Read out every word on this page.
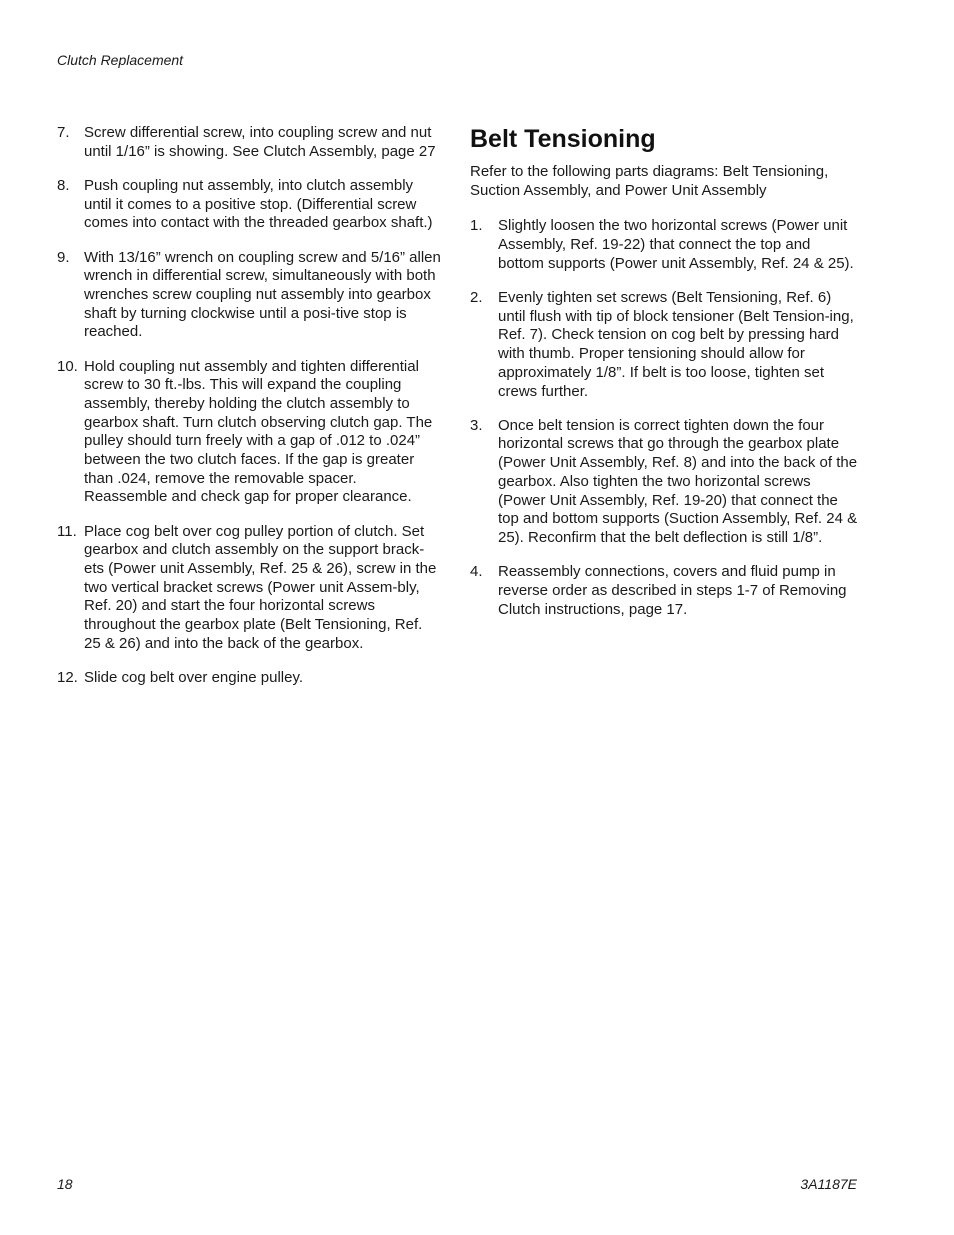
Clutch Replacement
7. Screw differential screw, into coupling screw and nut until 1/16” is showing. See Clutch Assembly, page 27
8. Push coupling nut assembly, into clutch assembly until it comes to a positive stop. (Differential screw comes into contact with the threaded gearbox shaft.)
9. With 13/16” wrench on coupling screw and 5/16” allen wrench in differential screw, simultaneously with both wrenches screw coupling nut assembly into gearbox shaft by turning clockwise until a posi-tive stop is reached.
10. Hold coupling nut assembly and tighten differential screw to 30 ft.-lbs. This will expand the coupling assembly, thereby holding the clutch assembly to gearbox shaft. Turn clutch observing clutch gap. The pulley should turn freely with a gap of .012 to .024” between the two clutch faces. If the gap is greater than .024, remove the removable spacer. Reassemble and check gap for proper clearance.
11. Place cog belt over cog pulley portion of clutch. Set gearbox and clutch assembly on the support brack-ets (Power unit Assembly, Ref. 25 & 26), screw in the two vertical bracket screws (Power unit Assem-bly, Ref. 20) and start the four horizontal screws throughout the gearbox plate (Belt Tensioning, Ref. 25 & 26) and into the back of the gearbox.
12. Slide cog belt over engine pulley.
Belt Tensioning

Refer to the following parts diagrams: Belt Tensioning, Suction Assembly, and Power Unit Assembly

1.	Slightly loosen the two horizontal screws (Power unit Assembly, Ref. 19-22) that connect the top and bottom supports (Power unit Assembly, Ref. 24 & 25).
2.	Evenly tighten set screws (Belt Tensioning, Ref. 6) until flush with tip of block tensioner (Belt Tension-ing, Ref. 7). Check tension on cog belt by pressing hard with thumb. Proper tensioning should allow for approximately 1/8”. If belt is too loose, tighten set crews further.
3.	Once belt tension is correct tighten down the four horizontal screws that go through the gearbox plate (Power Unit Assembly, Ref. 8) and into the back of the gearbox. Also tighten the two horizontal screws (Power Unit Assembly, Ref. 19-20) that connect the top and bottom supports (Suction Assembly, Ref. 24 & 25). Reconfirm that the belt deflection is still 1/8”.
4.	Reassembly connections, covers and fluid pump in reverse order as described in steps 1-7 of Removing Clutch instructions, page 17.
18	3A1187E
